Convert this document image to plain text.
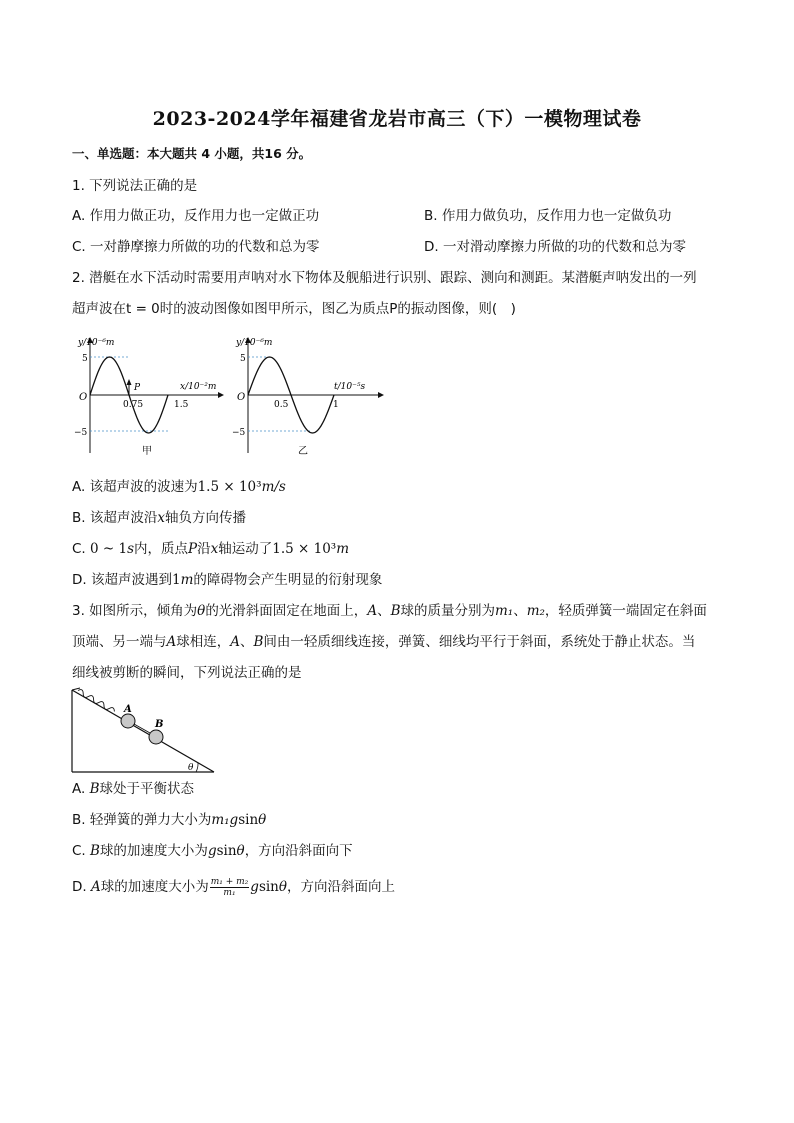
2023-2024学年福建省龙岩市高三（下）一模物理试卷
一、单选题：本大题共 4 小题，共16 分。
1. 下列说法正确的是
A. 作用力做正功，反作用力也一定做正功	B. 作用力做负功，反作用力也一定做负功
C. 一对静摩擦力所做的功的代数和总为零	D. 一对滑动摩擦力所做的功的代数和总为零
2. 潜艇在水下活动时需要用声呐对水下物体及舰船进行识别、跟踪、测向和测距。某潜艇声呐发出的一列
超声波在t = 0时的波动图像如图甲所示，图乙为质点P的振动图像，则(　)
y/10⁻⁶m
x/10⁻²m
O
5
−5
0.75	1.5
P
甲
y/10⁻⁶m
t/10⁻⁵s
O
5
−5
0.5	1
乙
A. 该超声波的波速为1.5 × 10³m/s
B. 该超声波沿x轴负方向传播
C. 0 ~ 1s内，质点P沿x轴运动了1.5 × 10³m
D. 该超声波遇到1m的障碍物会产生明显的衍射现象
3. 如图所示，倾角为θ的光滑斜面固定在地面上，A、B球的质量分别为m₁、m₂，轻质弹簧一端固定在斜面
顶端、另一端与A球相连，A、B间由一轻质细线连接，弹簧、细线均平行于斜面，系统处于静止状态。当
细线被剪断的瞬间，下列说法正确的是
A
B
θ
A. B球处于平衡状态
B. 轻弹簧的弹力大小为m₁gsinθ
C. B球的加速度大小为gsinθ，方向沿斜面向下
D. A球的加速度大小为 $\frac{\text{m₁ + m₂}}{\text{m₁}}$ gsinθ，方向沿斜面向上
